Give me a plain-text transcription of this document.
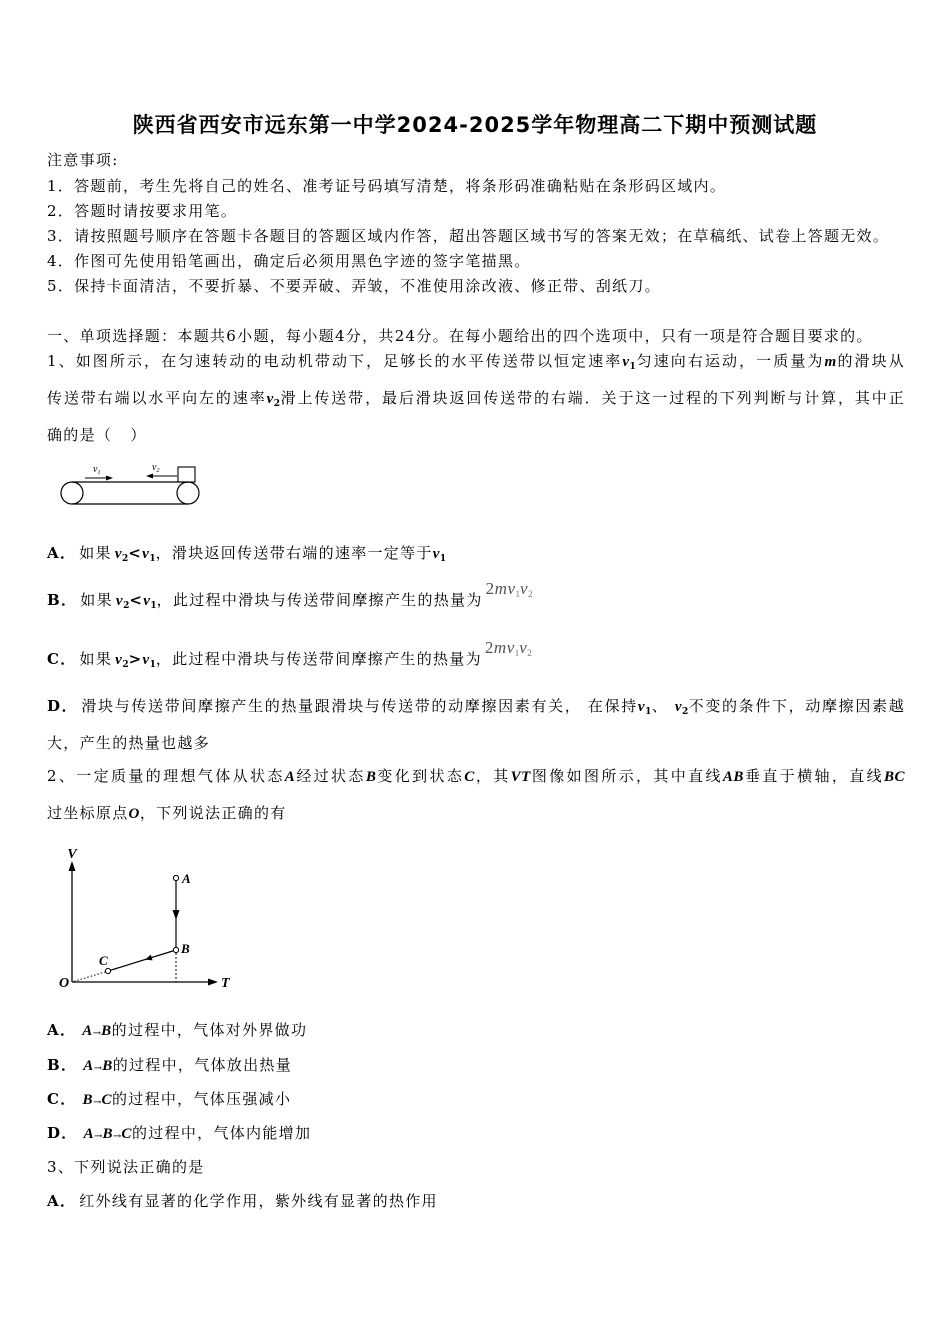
陕西省西安市远东第一中学2024-2025学年物理高二下期中预测试题
注意事项:
1．答题前，考生先将自己的姓名、准考证号码填写清楚，将条形码准确粘贴在条形码区域内。
2．答题时请按要求用笔。
3．请按照题号顺序在答题卡各题目的答题区域内作答，超出答题区域书写的答案无效；在草稿纸、试卷上答题无效。
4．作图可先使用铅笔画出，确定后必须用黑色字迹的签字笔描黑。
5．保持卡面清洁，不要折暴、不要弄破、弄皱，不准使用涂改液、修正带、刮纸刀。
一、单项选择题：本题共6小题，每小题4分，共24分。在每小题给出的四个选项中，只有一项是符合题目要求的。
1、如图所示，在匀速转动的电动机带动下，足够长的水平传送带以恒定速率$v_1$匀速向右运动，一质量为m的滑块从
传送带右端以水平向左的速率$v_2$滑上传送带，最后滑块返回传送带的右端．关于这一过程的下列判断与计算，其中正
确的是（   ）
$v_1$	$v_2$
A． 如果 $v_2<v_1$，滑块返回传送带右端的速率一定等于$v_1$
B． 如果 $v_2<v_1$，此过程中滑块与传送带间摩擦产生的热量为2mv1v2
C． 如果 $v_2>v_1$，此过程中滑块与传送带间摩擦产生的热量为2mv1v2
D． 滑块与传送带间摩擦产生的热量跟滑块与传送带的动摩擦因素有关， 在保持$v_1$、 $v_2$不变的条件下，动摩擦因素越
大，产生的热量也越多
2、一定质量的理想气体从状态A经过状态B变化到状态C，其VT图像如图所示，其中直线AB垂直于横轴，直线BC
过坐标原点O，下列说法正确的有
V
T
O
A
B
C
A． A→B的过程中，气体对外界做功
B． A→B的过程中，气体放出热量
C． B→C的过程中，气体压强减小
D． A→B→C的过程中，气体内能增加
3、下列说法正确的是
A． 红外线有显著的化学作用，紫外线有显著的热作用
